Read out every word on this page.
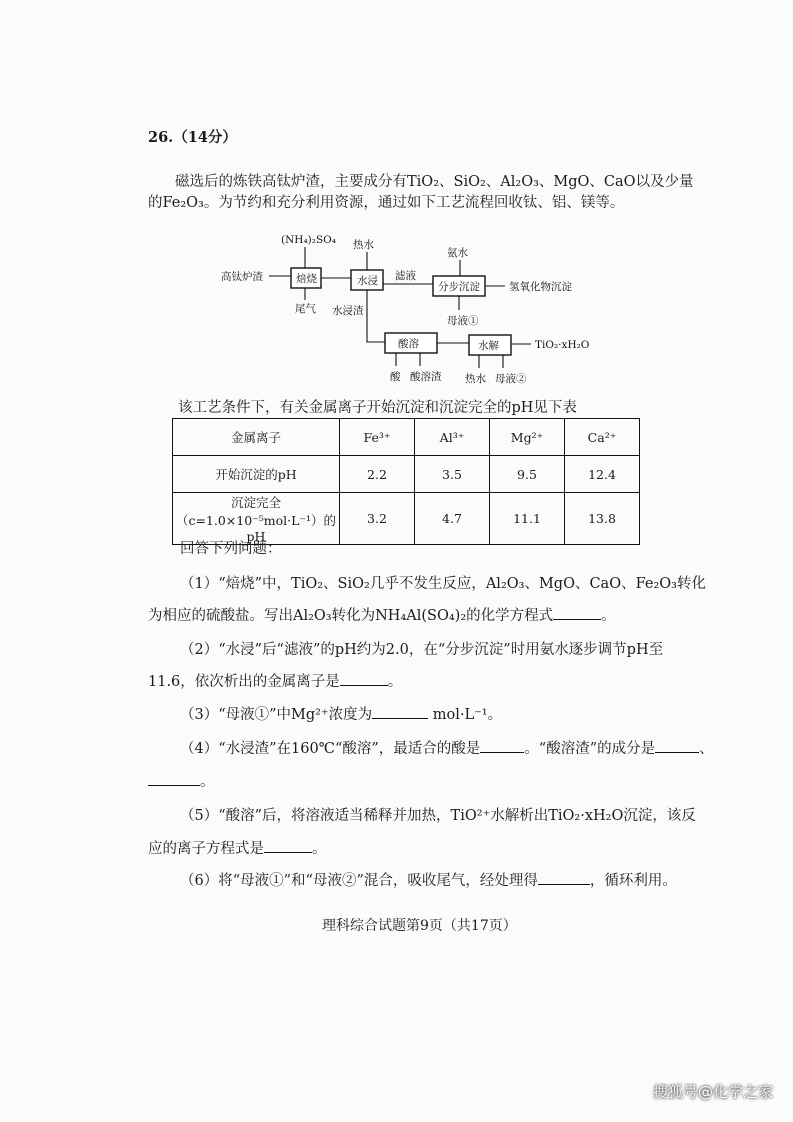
26.（14分）
磁选后的炼铁高钛炉渣，主要成分有TiO₂、SiO₂、Al₂O₃、MgO、CaO以及少量
的Fe₂O₃。为节约和充分利用资源，通过如下工艺流程回收钛、铝、镁等。
(NH₄)₂SO₄ 热水
氨水
高钛炉渣	焙烧	水浸 滤液
分步沉淀	氢氧化物沉淀
尾气 水浸渣
母液①
酸溶	水解	TiO₂·xH₂O
酸 酸溶渣 热水 母液②
该工艺条件下，有关金属离子开始沉淀和沉淀完全的pH见下表
金属离子	Fe³⁺	Al³⁺	Mg²⁺	Ca²⁺
开始沉淀的pH	2.2	3.5	9.5	12.4
沉淀完全（c=1.0×10⁻⁵mol·L⁻¹）的pH	3.2	4.7	11.1	13.8
回答下列问题：
（1）“焙烧”中，TiO₂、SiO₂几乎不发生反应，Al₂O₃、MgO、CaO、Fe₂O₃转化
为相应的硫酸盐。写出Al₂O₃转化为NH₄Al(SO₄)₂的化学方程式	。
（2）“水浸”后“滤液”的pH约为2.0，在“分步沉淀”时用氨水逐步调节pH至
11.6，依次析出的金属离子是	。
（3）“母液①”中Mg²⁺浓度为	mol·L⁻¹。
（4）“水浸渣”在160℃“酸溶”，最适合的酸是	。“酸溶渣”的成分是	、
。
（5）“酸溶”后，将溶液适当稀释并加热，TiO²⁺水解析出TiO₂·xH₂O沉淀，该反
应的离子方程式是	。
（6）将“母液①”和“母液②”混合，吸收尾气，经处理得	，循环利用。
理科综合试题第9页（共17页）
搜狐号@化学之家
